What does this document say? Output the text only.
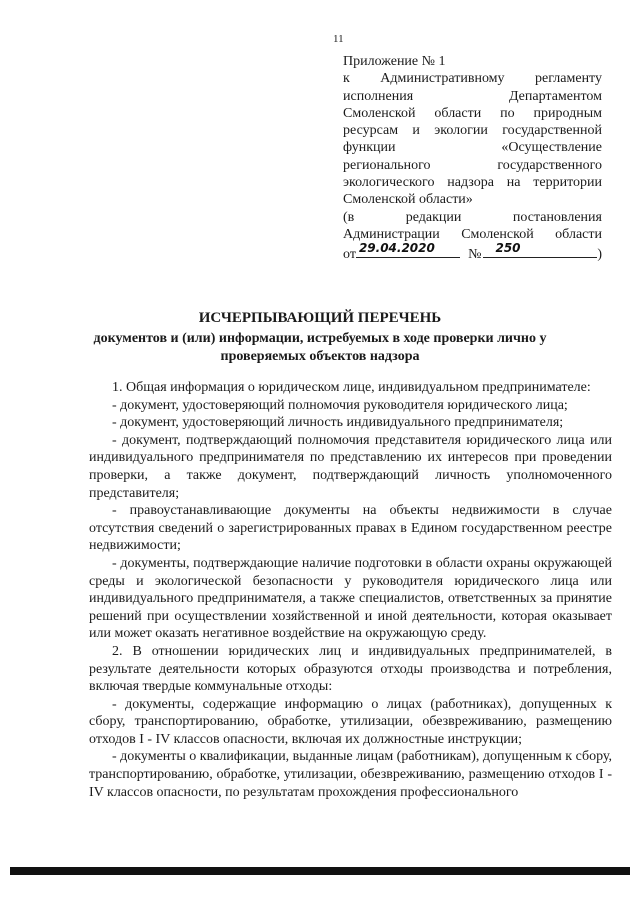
11
Приложение № 1
к Административному регламенту
исполнения Департаментом
Смоленской области по природным
ресурсам и экологии государственной
функции «Осуществление
регионального государственного
экологического надзора на территории
Смоленской области»
(в редакции постановления
Администрации Смоленской области
от 29.04.2020 № 250	)
ИСЧЕРПЫВАЮЩИЙ ПЕРЕЧЕНЬ
документов и (или) информации, истребуемых в ходе проверки лично у проверяемых объектов надзора

1. Общая информация о юридическом лице, индивидуальном предпринимателе:

- документ, удостоверяющий полномочия руководителя юридического лица;

- документ, удостоверяющий личность индивидуального предпринимателя;

- документ, подтверждающий полномочия представителя юридического лица или индивидуального предпринимателя по представлению их интересов при проведении проверки, а также документ, подтверждающий личность уполномоченного представителя;

- правоустанавливающие документы на объекты недвижимости в случае отсутствия сведений о зарегистрированных правах в Едином государственном реестре недвижимости;

- документы, подтверждающие наличие подготовки в области охраны окружающей среды и экологической безопасности у руководителя юридического лица или индивидуального предпринимателя, а также специалистов, ответственных за принятие решений при осуществлении хозяйственной и иной деятельности, которая оказывает или может оказать негативное воздействие на окружающую среду.

2. В отношении юридических лиц и индивидуальных предпринимателей, в результате деятельности которых образуются отходы производства и потребления, включая твердые коммунальные отходы:

- документы, содержащие информацию о лицах (работниках), допущенных к сбору, транспортированию, обработке, утилизации, обезвреживанию, размещению отходов I - IV классов опасности, включая их должностные инструкции;

- документы о квалификации, выданные лицам (работникам), допущенным к сбору, транспортированию, обработке, утилизации, обезвреживанию, размещению отходов I - IV классов опасности, по результатам прохождения профессионального
